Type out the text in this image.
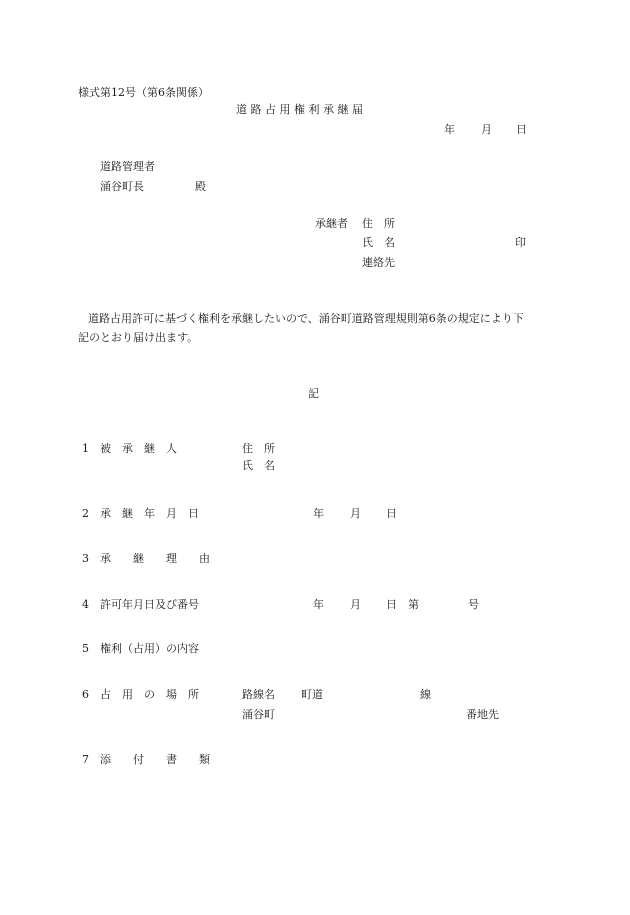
様式第12号（第6条関係）
道 路 占 用 権 利 承 継 届
年 月 日
道路管理者
涌谷町長	殿
承継者 住　所
氏　名	印
連絡先
道路占用許可に基づく権利を承継したいので、涌谷町道路管理規則第6条の規定により下
記のとおり届け出ます。
記
1 被　承　継　人	住　所
氏　名
2 承　継　年　月　日	年 月 日
3 承　　継　　理　　由
4 許可年月日及び番号	年 月 日 第	号
5 権利（占用）の内容
6 占　用　の　場　所	路線名 町道	線
涌谷町	番地先
7 添　　付　　書　　類
